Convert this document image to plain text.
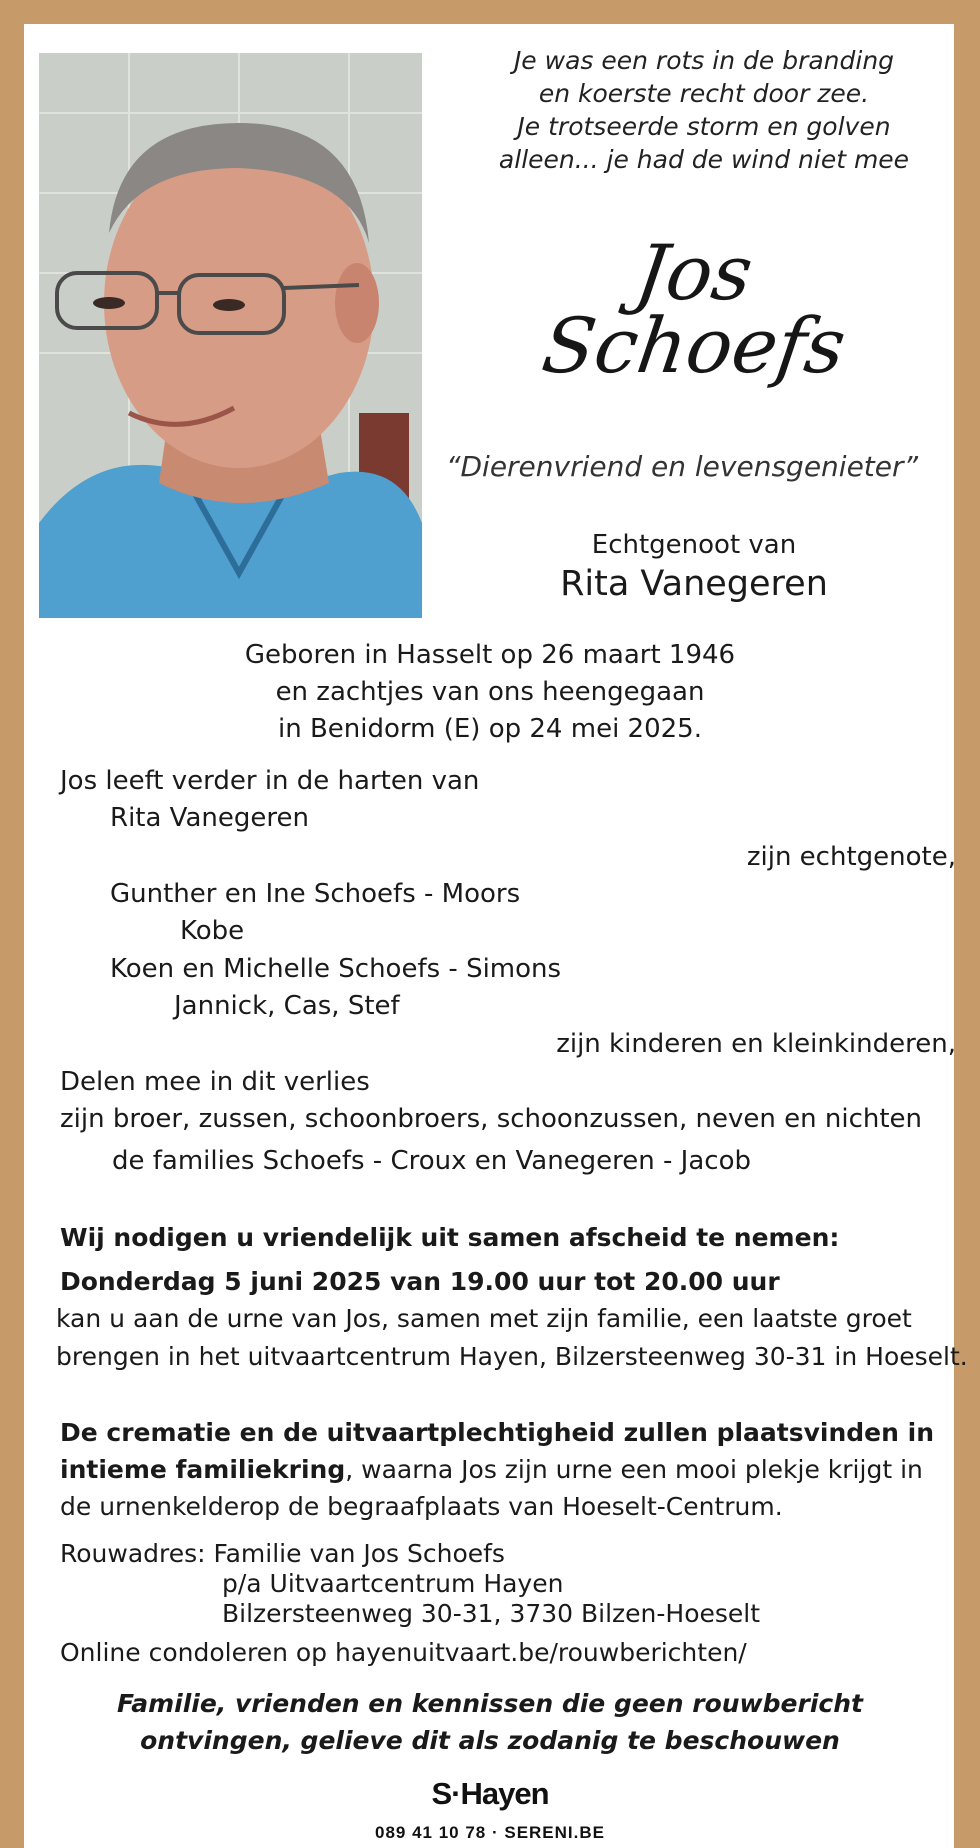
Je was een rots in de branding
en koerste recht door zee.
Je trotseerde storm en golven
alleen... je had de wind niet mee
Jos
Schoefs
“Dierenvriend en levensgenieter”
Echtgenoot van
Rita Vanegeren
Geboren in Hasselt op 26 maart 1946
en zachtjes van ons heengegaan
in Benidorm (E) op 24 mei 2025.
Jos leeft verder in de harten van
Rita Vanegeren
zijn echtgenote,
Gunther en Ine Schoefs - Moors
Kobe
Koen en Michelle Schoefs - Simons
Jannick, Cas, Stef
zijn kinderen en kleinkinderen,
Delen mee in dit verlies
zijn broer, zussen, schoonbroers, schoonzussen, neven en nichten
de families Schoefs - Croux en Vanegeren - Jacob
Wij nodigen u vriendelijk uit samen afscheid te nemen:
Donderdag 5 juni 2025 van 19.00 uur tot 20.00 uur
kan u aan de urne van Jos, samen met zijn familie, een laatste groet
brengen in het uitvaartcentrum Hayen, Bilzersteenweg 30-31 in Hoeselt.
De crematie en de uitvaartplechtigheid zullen plaatsvinden in
intieme familiekring, waarna Jos zijn urne een mooi plekje krijgt in
de urnenkelderop de begraafplaats van Hoeselt-Centrum.
Rouwadres: Familie van Jos Schoefs
p/a Uitvaartcentrum Hayen
Bilzersteenweg 30-31, 3730 Bilzen-Hoeselt
Online condoleren op hayenuitvaart.be/rouwberichten/
Familie, vrienden en kennissen die geen rouwbericht
ontvingen, gelieve dit als zodanig te beschouwen
S·Hayen
089 41 10 78 · SERENI.BE
